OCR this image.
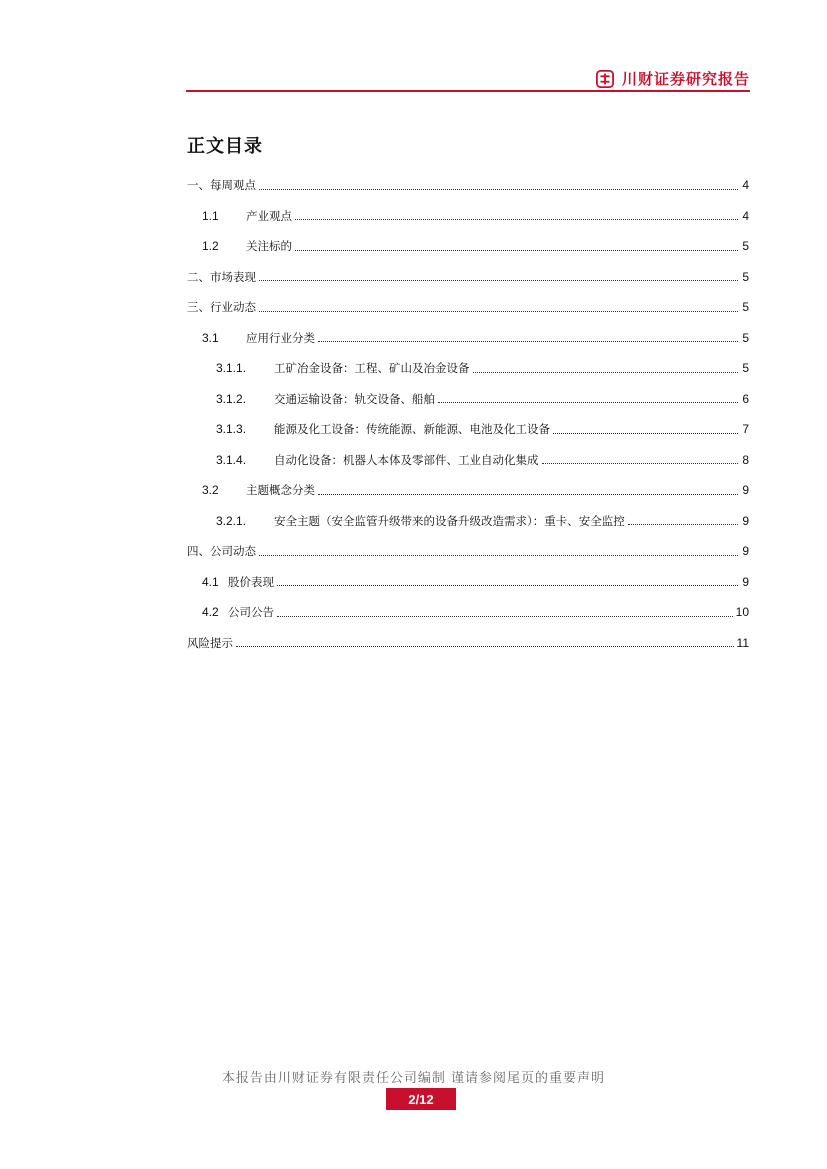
川财证券研究报告
正文目录
一、每周观点	4
1.1	产业观点	4
1.2	关注标的	5
二、市场表现	5
三、行业动态	5
3.1	应用行业分类	5
3.1.1.	工矿冶金设备：工程、矿山及冶金设备	5
3.1.2.	交通运输设备：轨交设备、船舶	6
3.1.3.	能源及化工设备：传统能源、新能源、电池及化工设备	7
3.1.4.	自动化设备：机器人本体及零部件、工业自动化集成	8
3.2	主题概念分类	9
3.2.1.	安全主题（安全监管升级带来的设备升级改造需求）：重卡、安全监控	9
四、公司动态	9
4.1 股价表现	9
4.2 公司公告	10
风险提示	11
本报告由川财证券有限责任公司编制 谨请参阅尾页的重要声明
2/12
